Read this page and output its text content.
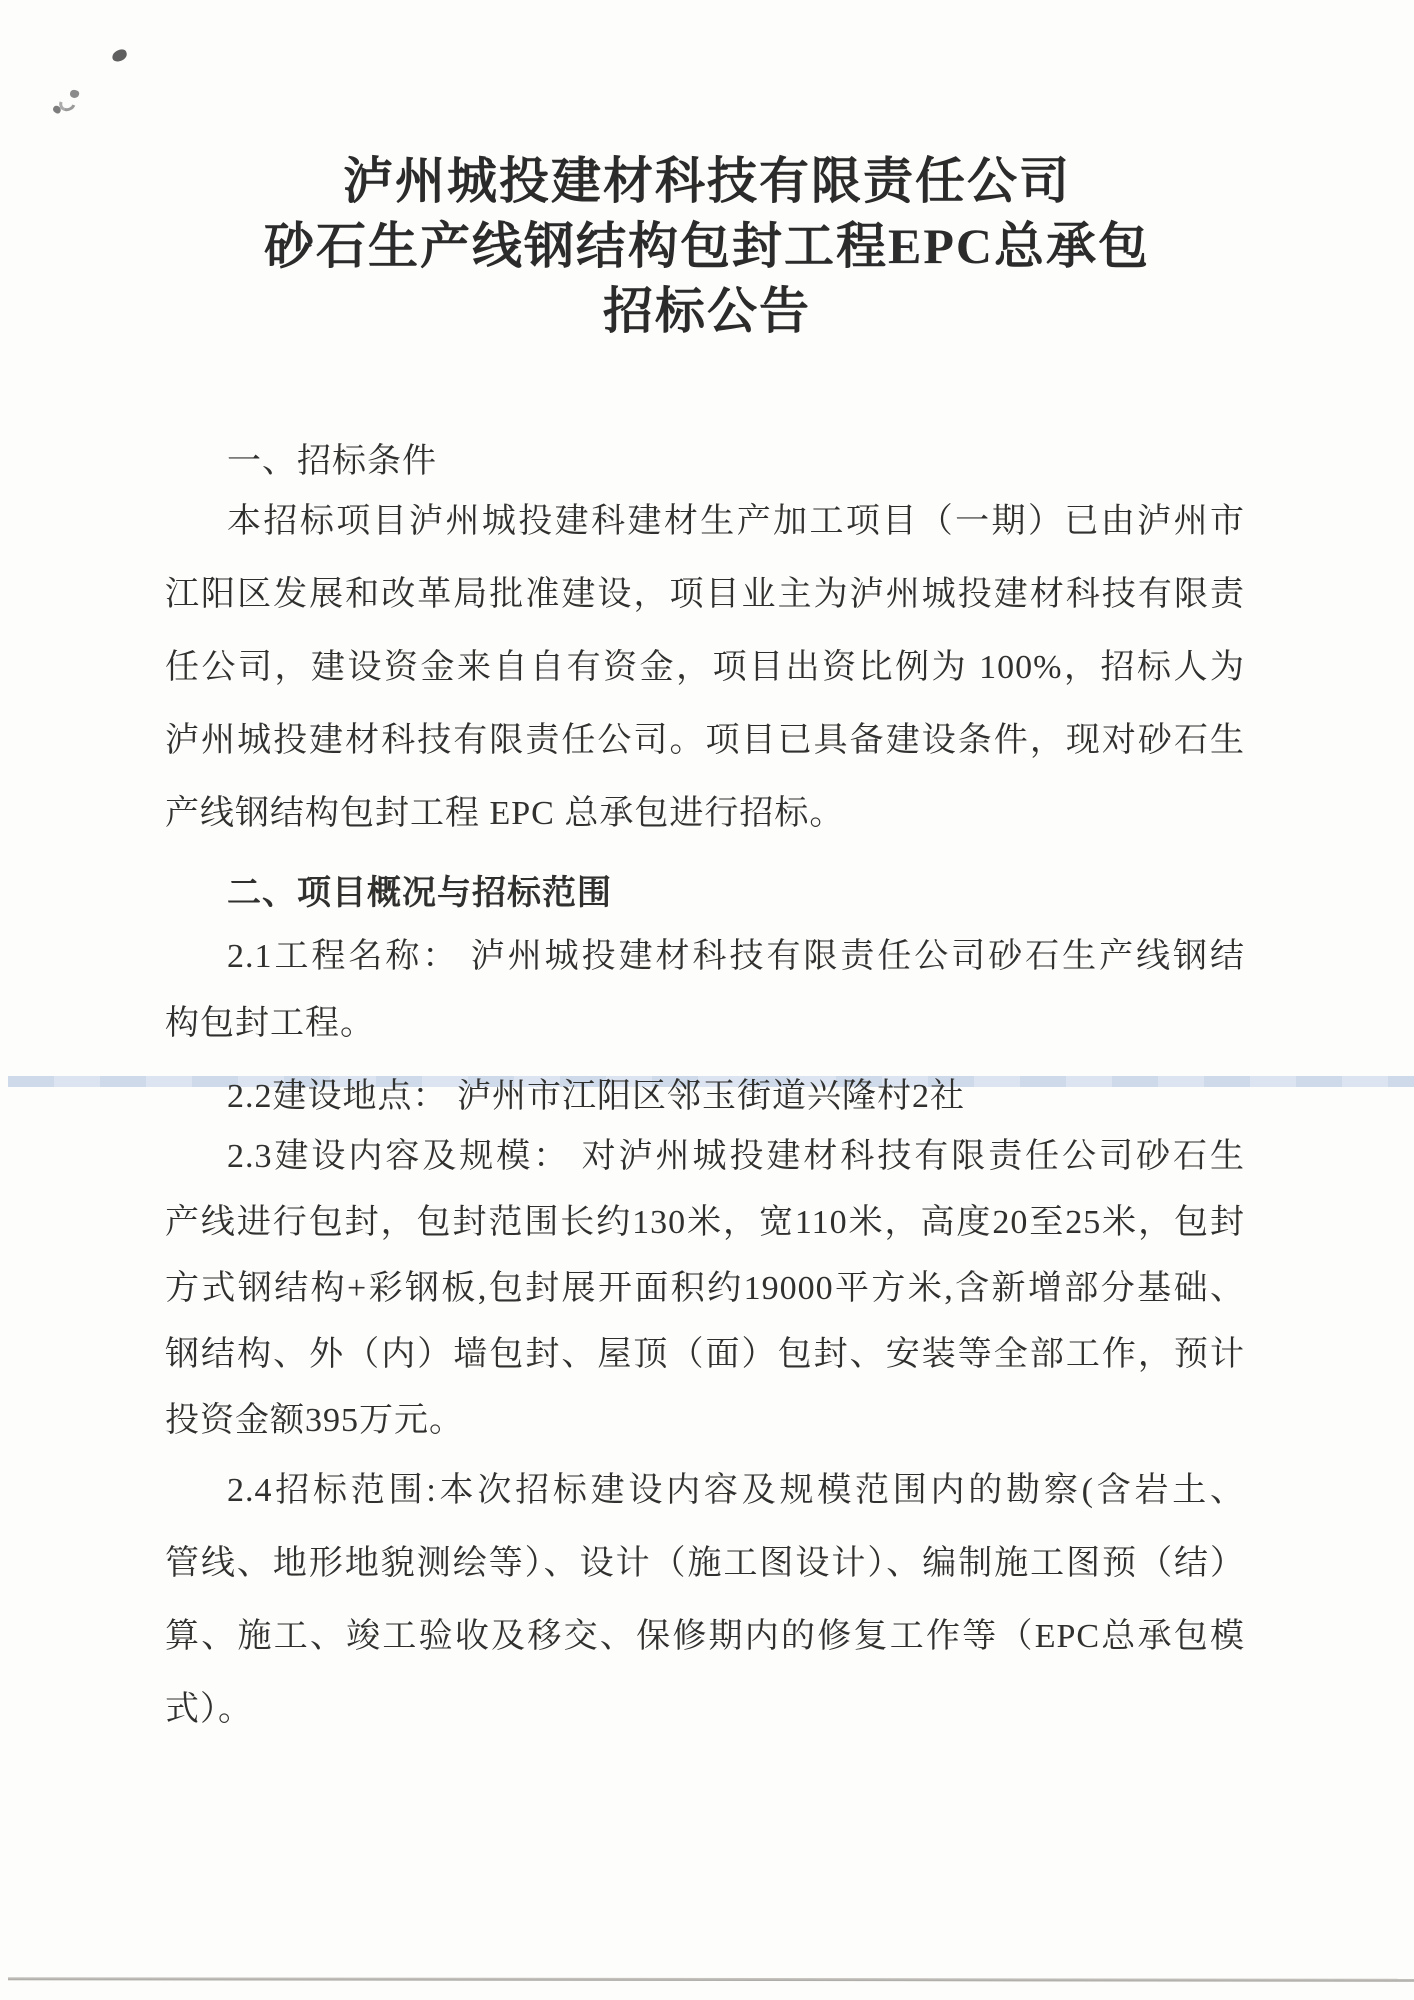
泸州城投建材科技有限责任公司
砂石生产线钢结构包封工程EPC总承包
招标公告
一、招标条件
本招标项目泸州城投建科建材生产加工项目（一期）已由泸州市
江阳区发展和改革局批准建设，项目业主为泸州城投建材科技有限责
任公司，建设资金来自自有资金，项目出资比例为 100%，招标人为
泸州城投建材科技有限责任公司。项目已具备建设条件，现对砂石生
产线钢结构包封工程 EPC 总承包进行招标。
二、项目概况与招标范围
2.1工程名称： 泸州城投建材科技有限责任公司砂石生产线钢结
构包封工程。
2.2建设地点： 泸州市江阳区邻玉街道兴隆村2社
2.3建设内容及规模： 对泸州城投建材科技有限责任公司砂石生
产线进行包封，包封范围长约130米，宽110米，高度20至25米，包封
方式钢结构+彩钢板,包封展开面积约19000平方米,含新增部分基础、
钢结构、外（内）墙包封、屋顶（面）包封、安装等全部工作，预计
投资金额395万元。
2.4招标范围:本次招标建设内容及规模范围内的勘察(含岩土、
管线、地形地貌测绘等）、设计（施工图设计）、编制施工图预（结）
算、施工、竣工验收及移交、保修期内的修复工作等（EPC总承包模
式）。
